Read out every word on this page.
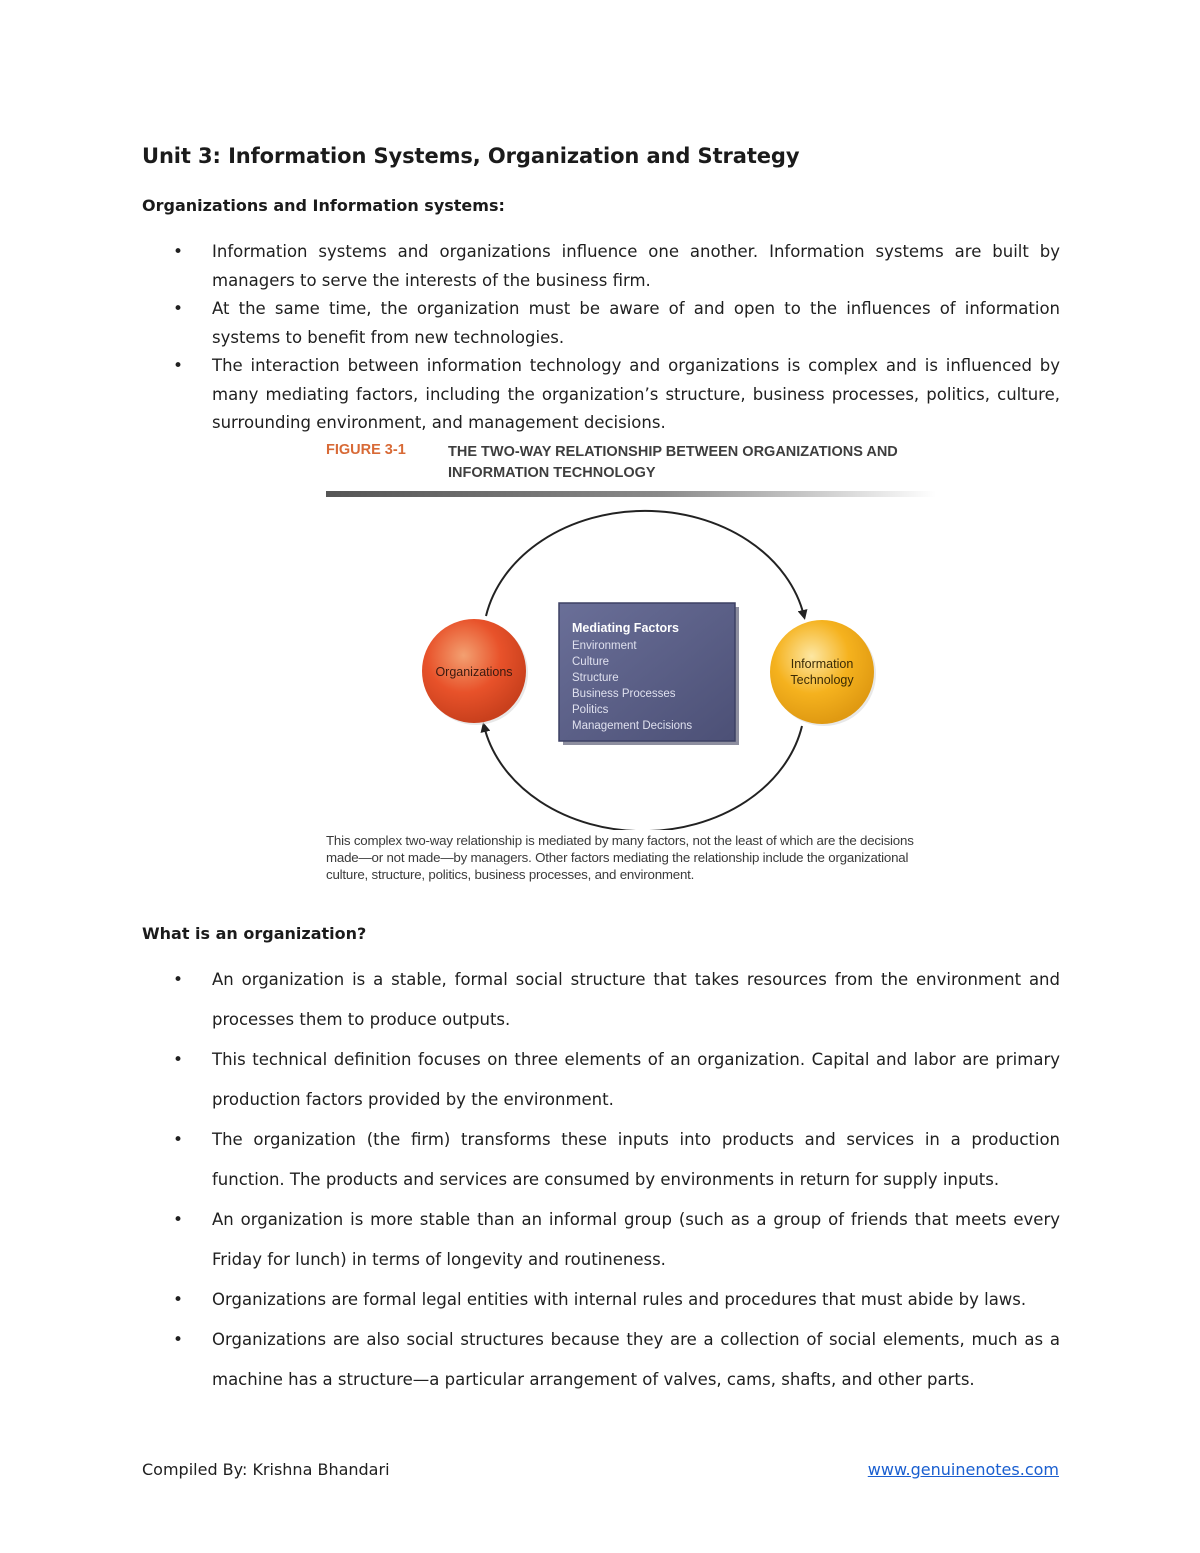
Unit 3: Information Systems, Organization and Strategy
Organizations and Information systems:
• Information systems and organizations influence one another. Information systems are built by managers to serve the interests of the business firm.
• At the same time, the organization must be aware of and open to the influences of information systems to benefit from new technologies.
• The interaction between information technology and organizations is complex and is influenced by many mediating factors, including the organization’s structure, business processes, politics, culture, surrounding environment, and management decisions.
Organizations
Information
Technology
Mediating Factors
Environment
Culture
Structure
Business Processes
Politics
Management Decisions
FIGURE 3-1	THE TWO-WAY RELATIONSHIP BETWEEN ORGANIZATIONS AND INFORMATION TECHNOLOGY

This complex two-way relationship is mediated by many factors, not the least of which are the decisions made—or not made—by managers. Other factors mediating the relationship include the organizational culture, structure, politics, business processes, and environment.

What is an organization?
• An organization is a stable, formal social structure that takes resources from the environment and processes them to produce outputs.
• This technical definition focuses on three elements of an organization. Capital and labor are primary production factors provided by the environment.
• The organization (the firm) transforms these inputs into products and services in a production function. The products and services are consumed by environments in return for supply inputs.
• An organization is more stable than an informal group (such as a group of friends that meets every Friday for lunch) in terms of longevity and routineness.
• Organizations are formal legal entities with internal rules and procedures that must abide by laws.
• Organizations are also social structures because they are a collection of social elements, much as a machine has a structure—a particular arrangement of valves, cams, shafts, and other parts.
Compiled By: Krishna Bhandari	www.genuinenotes.com
